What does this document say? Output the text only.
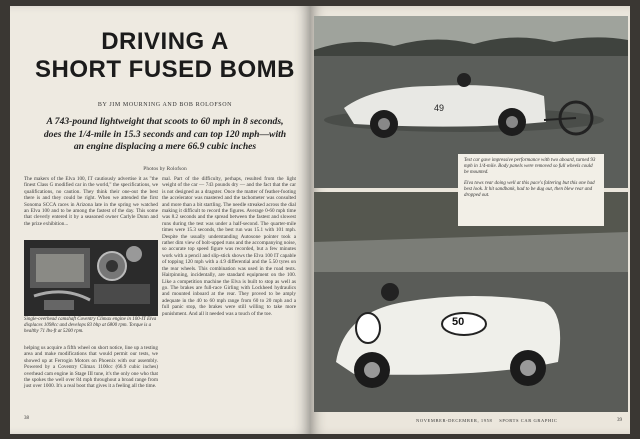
DRIVING A
SHORT FUSED BOMB
BY JIM MOURNING AND BOB ROLOFSON
A 743-pound lightweight that scoots to 60 mph in 8 seconds, does the 1/4-mile in 15.3 seconds and can top 120 mph—with an engine displacing a mere 66.9 cubic inches
Photos by Rolofson

The makers of the Elva 100, IT cautiously advertise it as "the finest Class G modified car in the world," the specifications, we qualifications, no caution. They think their one-out the best there is and they could be right. When we attended the first Sonoma SCCA races in Arizona late in the spring we watched an Elva 100 and to be among the fastest of the day. This some that cleverly entered it by a seasoned owner Carlyle Dunn and the prize exhibition...

Single-overhead camshaft Coventry Climax engine in 100-IT Elva displaces 1098cc and develops 83 bhp at 6800 rpm. Torque is a healthy 71 lbs-ft at 5200 rpm.

helping us acquire a fifth wheel on short notice, line up a testing area and make modifications that would permit our tests, we showed up at Ferrogin Motors on Phoenix with our assembly. Powered by a Coventry Climax 1100cc (66.9 cubic inches) overhead cam engine in Stage III tune, it's the only one who that the spokes the well over 84 mph throughout a broad range from just over 1000. It's a real boot that gives it a feeling all the time.

mal. Part of the difficulty, perhaps, resulted from the light weight of the car — 743 pounds dry — and the fact that the car is not designed as a dragster. Once the matter of feather-footing the accelerator was mastered and the tachometer was consulted and more than a bit startling. The needle streaked across the dial making it difficult to record the figures. Average 0-60 mph time was 8.2 seconds and the spread between the fastest and slowest runs during the test was under a half-second. The quarter-mile times were 15.3 seconds, the best run was 15.1 with 101 mph. Despite the usually understanding Autosone pointer took a rather dim view of bolt-upped runs and the accompanying noise, so accurate top speed figure was recorded, but a few minutes work with a pencil and slip-stick shows the Elva 100 IT capable of topping 120 mph with a 4.9 differential and the 5.50 tyres on the rear wheels. This combination was used in the road tests. Hairpinning, incidentally, are standard equipment on the 100. Like a competition machine the Elva is built to stop as well as go. The brakes are full-race Girling with Lockheed hydraulics and mounted inboard at the rear. They proved to be amply adequate in the 40 to 60 mph range from 60 to 20 mph and a full panic stop, the brakes were still willing to take more punishment. And all it needed was a touch of the toe.

38
49
50

Test car gave impressive performance with two aboard, turned 93 mph in 1/4-mile. Body panels were removed so full wheels could be mounted.

Elva tows rear doing well at this pace's faltering but this one had best look. It hit sandbank, had to be dug out, then blew rear and dropped out.

NOVEMBER-DECEMBER, 1958 SPORTS CAR GRAPHIC	39
